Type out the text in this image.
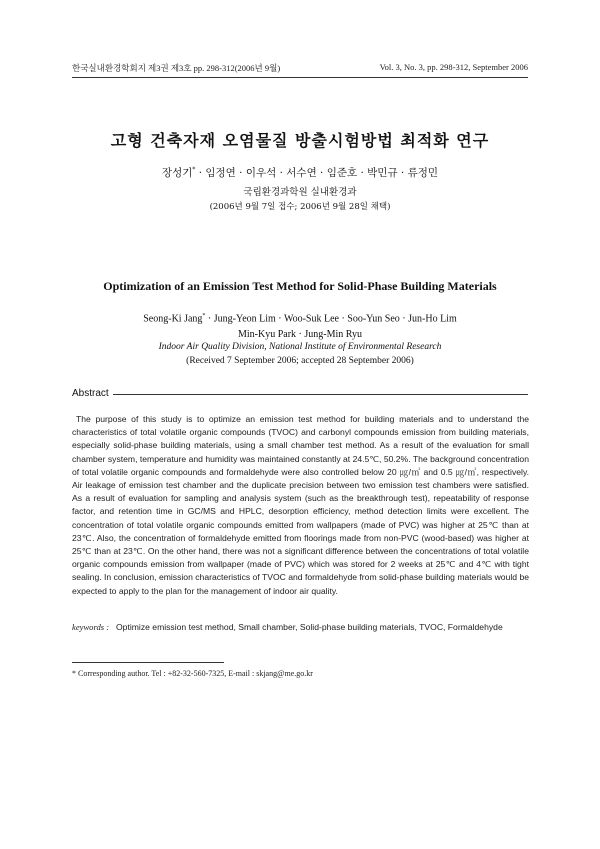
한국실내환경학회지 제3권 제3호 pp. 298-312(2006년 9월)	Vol. 3, No. 3, pp. 298-312, September 2006
고형 건축자재 오염물질 방출시험방법 최적화 연구
장성기* · 임정연 · 이우석 · 서수연 · 임준호 · 박민규 · 류정민
국립환경과학원 실내환경과
(2006년 9월 7일 접수; 2006년 9월 28일 채택)
Optimization of an Emission Test Method for Solid-Phase Building Materials
Seong-Ki Jang* · Jung-Yeon Lim · Woo-Suk Lee · Soo-Yun Seo · Jun-Ho Lim
Min-Kyu Park · Jung-Min Ryu
Indoor Air Quality Division, National Institute of Environmental Research
(Received 7 September 2006; accepted 28 September 2006)
Abstract

The purpose of this study is to optimize an emission test method for building materials and to understand the characteristics of total volatile organic compounds (TVOC) and carbonyl compounds emission from building materials, especially solid-phase building materials, using a small chamber test method. As a result of the evaluation for small chamber system, temperature and humidity was maintained constantly at 24.5℃, 50.2%. The background concentration of total volatile organic compounds and formaldehyde were also controlled below 20 ㎍/㎥ and 0.5 ㎍/㎥, respectively. Air leakage of emission test chamber and the duplicate precision between two emission test chambers were satisfied. As a result of evaluation for sampling and analysis system (such as the breakthrough test), repeatability of response factor, and retention time in GC/MS and HPLC, desorption efficiency, method detection limits were excellent. The concentration of total volatile organic compounds emitted from wallpapers (made of PVC) was higher at 25℃ than at 23℃. Also, the concentration of formaldehyde emitted from floorings made from non-PVC (wood-based) was higher at 25℃ than at 23℃. On the other hand, there was not a significant difference between the concentrations of total volatile organic compounds emission from wallpaper (made of PVC) which was stored for 2 weeks at 25℃ and 4℃ with tight sealing. In conclusion, emission characteristics of TVOC and formaldehyde from solid-phase building materials would be expected to apply to the plan for the management of indoor air quality.

keywords : Optimize emission test method, Small chamber, Solid-phase building materials, TVOC, Formaldehyde
* Corresponding author. Tel : +82-32-560-7325, E-mail : skjang@me.go.kr
